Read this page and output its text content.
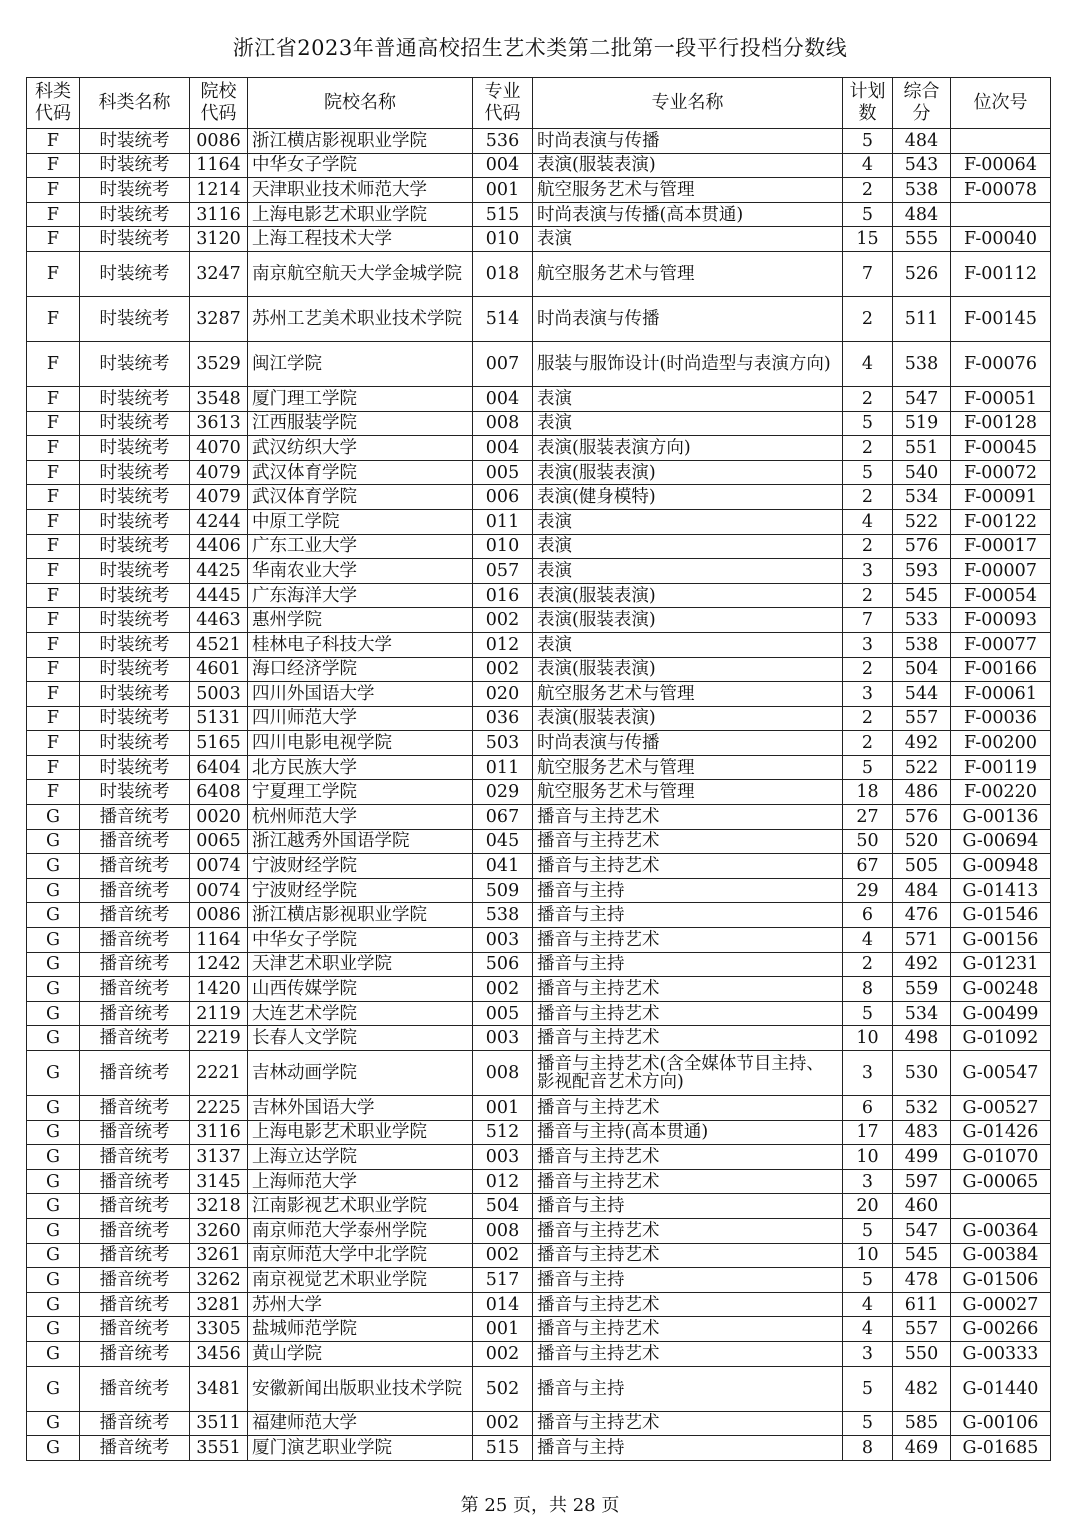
浙江省2023年普通高校招生艺术类第二批第一段平行投档分数线
科类代码	科类名称	院校代码	院校名称	专业代码	专业名称	计划数	综合分	位次号
F	时装统考	0086	浙江横店影视职业学院	536	时尚表演与传播	5	484	
F	时装统考	1164	中华女子学院	004	表演(服装表演)	4	543	F-00064
F	时装统考	1214	天津职业技术师范大学	001	航空服务艺术与管理	2	538	F-00078
F	时装统考	3116	上海电影艺术职业学院	515	时尚表演与传播(高本贯通)	5	484	
F	时装统考	3120	上海工程技术大学	010	表演	15	555	F-00040
F	时装统考	3247	南京航空航天大学金城学院	018	航空服务艺术与管理	7	526	F-00112
F	时装统考	3287	苏州工艺美术职业技术学院	514	时尚表演与传播	2	511	F-00145
F	时装统考	3529	闽江学院	007	服装与服饰设计(时尚造型与表演方向)	4	538	F-00076
F	时装统考	3548	厦门理工学院	004	表演	2	547	F-00051
F	时装统考	3613	江西服装学院	008	表演	5	519	F-00128
F	时装统考	4070	武汉纺织大学	004	表演(服装表演方向)	2	551	F-00045
F	时装统考	4079	武汉体育学院	005	表演(服装表演)	5	540	F-00072
F	时装统考	4079	武汉体育学院	006	表演(健身模特)	2	534	F-00091
F	时装统考	4244	中原工学院	011	表演	4	522	F-00122
F	时装统考	4406	广东工业大学	010	表演	2	576	F-00017
F	时装统考	4425	华南农业大学	057	表演	3	593	F-00007
F	时装统考	4445	广东海洋大学	016	表演(服装表演)	2	545	F-00054
F	时装统考	4463	惠州学院	002	表演(服装表演)	7	533	F-00093
F	时装统考	4521	桂林电子科技大学	012	表演	3	538	F-00077
F	时装统考	4601	海口经济学院	002	表演(服装表演)	2	504	F-00166
F	时装统考	5003	四川外国语大学	020	航空服务艺术与管理	3	544	F-00061
F	时装统考	5131	四川师范大学	036	表演(服装表演)	2	557	F-00036
F	时装统考	5165	四川电影电视学院	503	时尚表演与传播	2	492	F-00200
F	时装统考	6404	北方民族大学	011	航空服务艺术与管理	5	522	F-00119
F	时装统考	6408	宁夏理工学院	029	航空服务艺术与管理	18	486	F-00220
G	播音统考	0020	杭州师范大学	067	播音与主持艺术	27	576	G-00136
G	播音统考	0065	浙江越秀外国语学院	045	播音与主持艺术	50	520	G-00694
G	播音统考	0074	宁波财经学院	041	播音与主持艺术	67	505	G-00948
G	播音统考	0074	宁波财经学院	509	播音与主持	29	484	G-01413
G	播音统考	0086	浙江横店影视职业学院	538	播音与主持	6	476	G-01546
G	播音统考	1164	中华女子学院	003	播音与主持艺术	4	571	G-00156
G	播音统考	1242	天津艺术职业学院	506	播音与主持	2	492	G-01231
G	播音统考	1420	山西传媒学院	002	播音与主持艺术	8	559	G-00248
G	播音统考	2119	大连艺术学院	005	播音与主持艺术	5	534	G-00499
G	播音统考	2219	长春人文学院	003	播音与主持艺术	10	498	G-01092
G	播音统考	2221	吉林动画学院	008	播音与主持艺术(含全媒体节目主持、影视配音艺术方向)	3	530	G-00547
G	播音统考	2225	吉林外国语大学	001	播音与主持艺术	6	532	G-00527
G	播音统考	3116	上海电影艺术职业学院	512	播音与主持(高本贯通)	17	483	G-01426
G	播音统考	3137	上海立达学院	003	播音与主持艺术	10	499	G-01070
G	播音统考	3145	上海师范大学	012	播音与主持艺术	3	597	G-00065
G	播音统考	3218	江南影视艺术职业学院	504	播音与主持	20	460	
G	播音统考	3260	南京师范大学泰州学院	008	播音与主持艺术	5	547	G-00364
G	播音统考	3261	南京师范大学中北学院	002	播音与主持艺术	10	545	G-00384
G	播音统考	3262	南京视觉艺术职业学院	517	播音与主持	5	478	G-01506
G	播音统考	3281	苏州大学	014	播音与主持艺术	4	611	G-00027
G	播音统考	3305	盐城师范学院	001	播音与主持艺术	4	557	G-00266
G	播音统考	3456	黄山学院	002	播音与主持艺术	3	550	G-00333
G	播音统考	3481	安徽新闻出版职业技术学院	502	播音与主持	5	482	G-01440
G	播音统考	3511	福建师范大学	002	播音与主持艺术	5	585	G-00106
G	播音统考	3551	厦门演艺职业学院	515	播音与主持	8	469	G-01685
第 25 页，共 28 页
